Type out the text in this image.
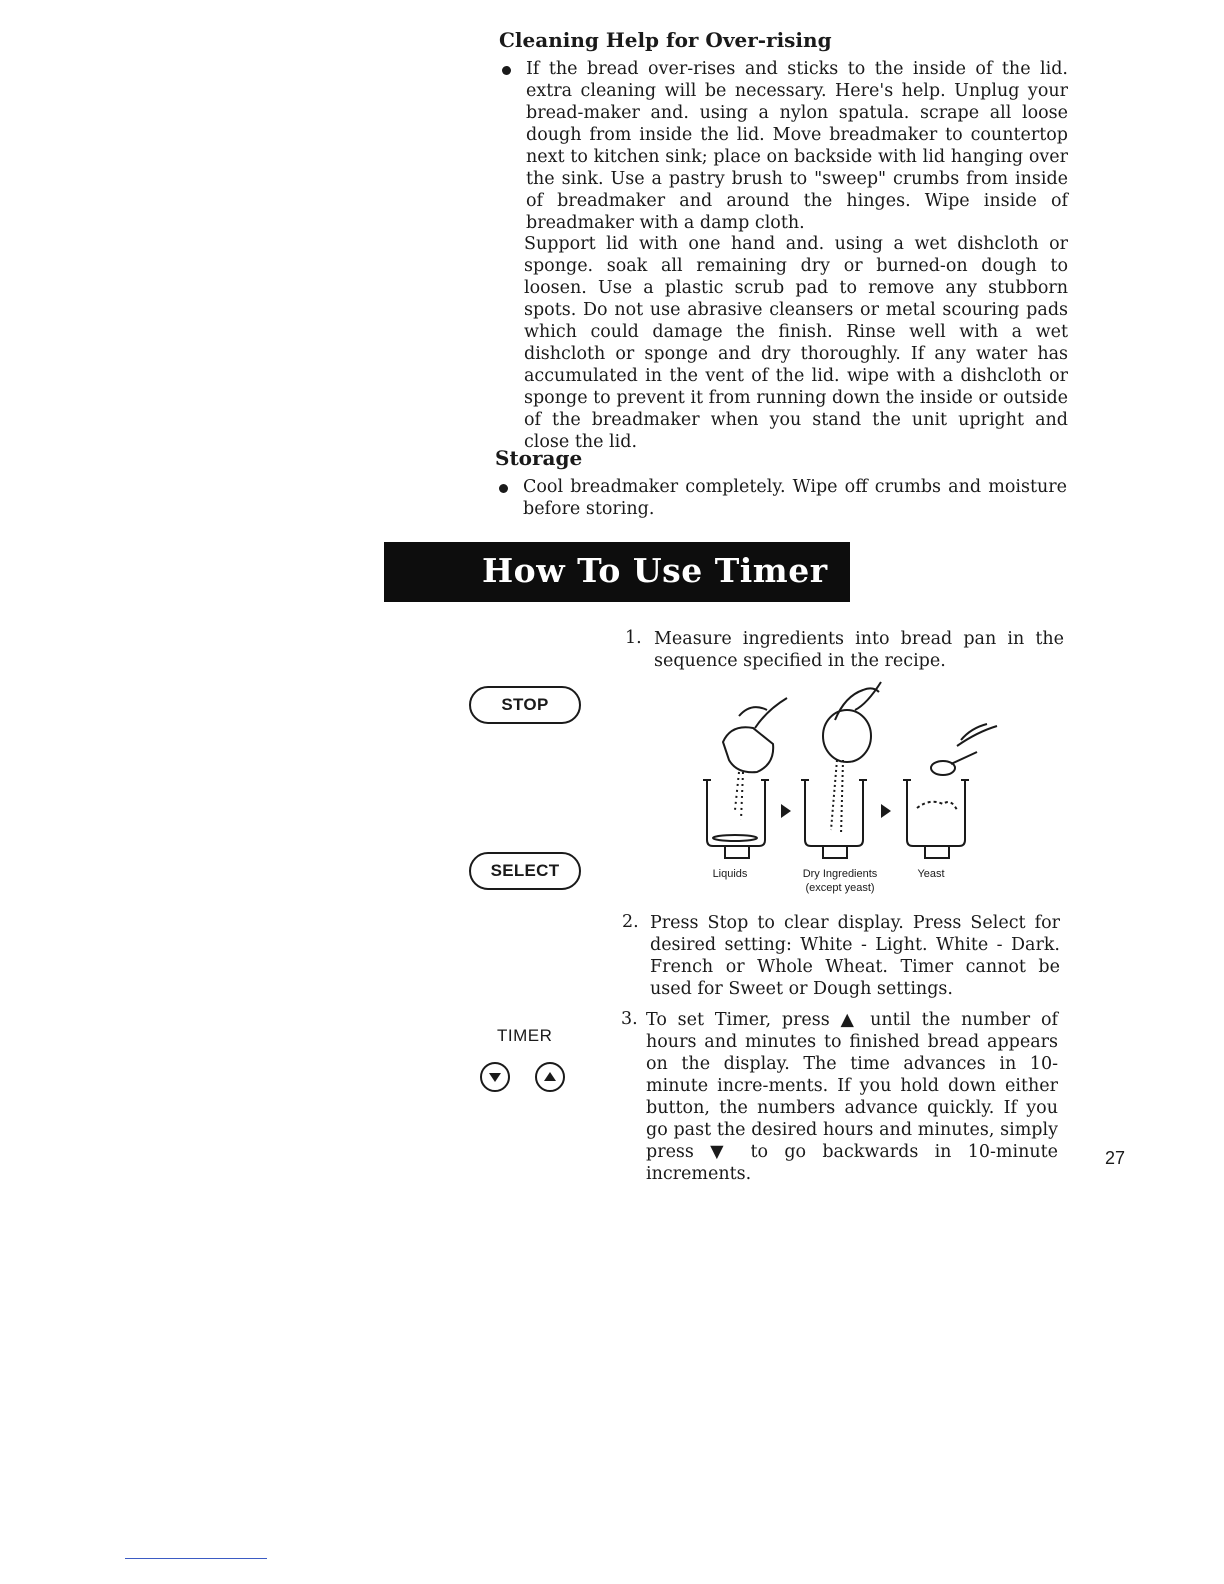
Cleaning Help for Over-rising

If the bread over-rises and sticks to the inside of the lid. extra cleaning will be necessary. Here's help. Unplug your bread-maker and. using a nylon spatula. scrape all loose dough from inside the lid. Move breadmaker to countertop next to kitchen sink; place on backside with lid hanging over the sink. Use a pastry brush to "sweep" crumbs from inside of breadmaker and around the hinges. Wipe inside of breadmaker with a damp cloth.

Support lid with one hand and. using a wet dishcloth or sponge. soak all remaining dry or burned-on dough to loosen. Use a plastic scrub pad to remove any stubborn spots. Do not use abrasive cleansers or metal scouring pads which could damage the finish. Rinse well with a wet dishcloth or sponge and dry thoroughly. If any water has accumulated in the vent of the lid. wipe with a dishcloth or sponge to prevent it from running down the inside or outside of the breadmaker when you stand the unit upright and close the lid.

Storage

Cool breadmaker completely. Wipe off crumbs and moisture before storing.

How To Use Timer
STOP
SELECT
TIMER
1. Measure ingredients into bread pan in the sequence specified in the recipe.

Liquids	Dry Ingredients
(except yeast)
Yeast
2. Press Stop to clear display. Press Select for desired setting: White - Light. White - Dark. French or Whole Wheat. Timer cannot be used for Sweet or Dough settings.

3. To set Timer, press ▲ until the number of hours and minutes to finished bread appears on the display. The time advances in 10-minute incre-ments. If you hold down either button, the numbers advance quickly. If you go past the desired hours and minutes, simply press ▼ to go backwards in 10-minute increments.

27
